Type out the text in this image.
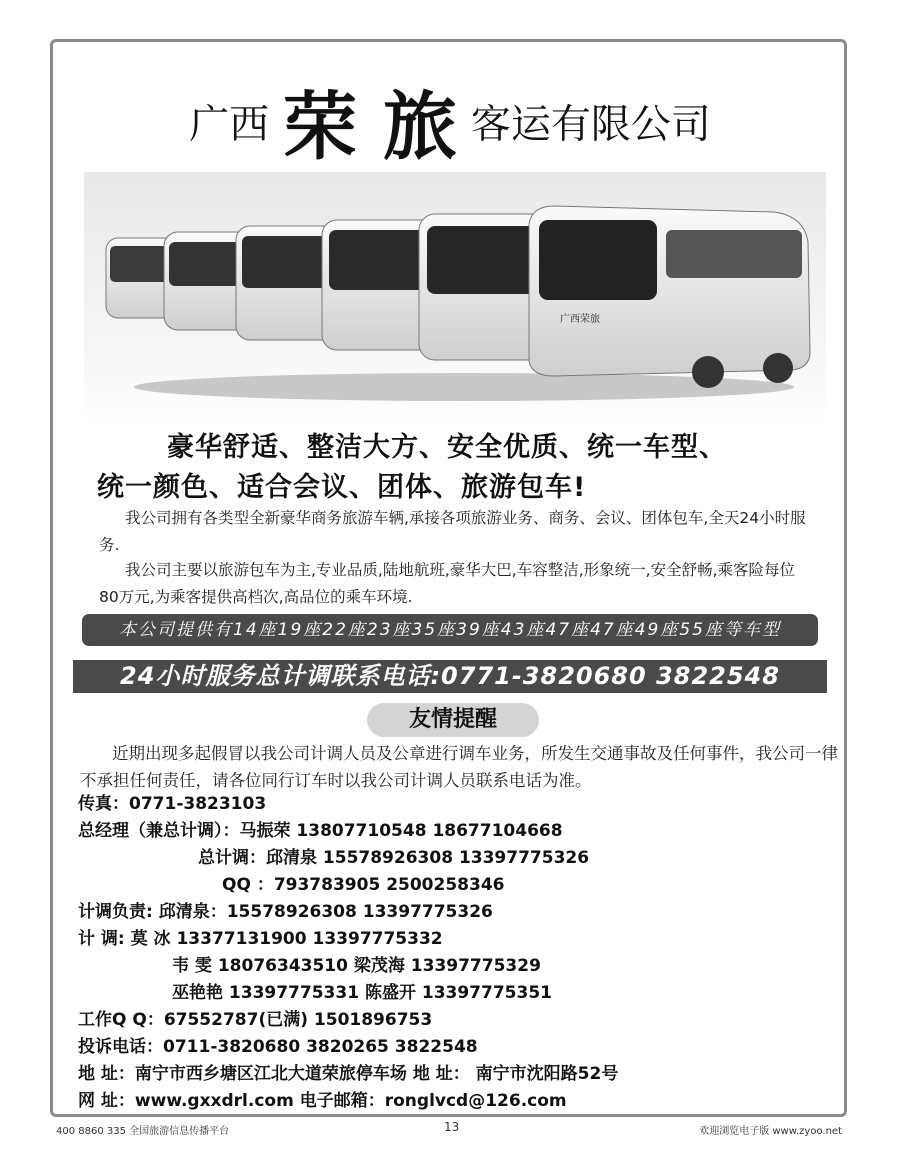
广西 荣 旅 客运有限公司
广西荣旅
豪华舒适、整洁大方、安全优质、统一车型、
统一颜色、适合会议、团体、旅游包车!
我公司拥有各类型全新豪华商务旅游车辆,承接各项旅游业务、商务、会议、团体包车,全天24小时服务.
我公司主要以旅游包车为主,专业品质,陆地航班,豪华大巴,车容整洁,形象统一,安全舒畅,乘客险每位80万元,为乘客提供高档次,高品位的乘车环境.
本公司提供有14座19座22座23座35座39座43座47座47座49座55座等车型
24小时服务总计调联系电话:0771-3820680 3822548
友情提醒
近期出现多起假冒以我公司计调人员及公章进行调车业务，所发生交通事故及任何事件，我公司一律不承担任何责任，请各位同行订车时以我公司计调人员联系电话为准。
传真：0771-3823103
总经理（兼总计调）：马振荣 13807710548 18677104668
总计调：邱清泉 15578926308 13397775326
QQ ：793783905 2500258346
计调负责: 邱清泉：15578926308 13397775326
计 调: 莫 冰 13377131900 13397775332
韦 雯 18076343510 梁茂海 13397775329
巫艳艳 13397775331 陈盛开 13397775351
工作Q Q：67552787(已满) 1501896753
投诉电话：0711-3820680 3820265 3822548
地 址：南宁市西乡塘区江北大道荣旅停车场 地 址： 南宁市沈阳路52号
网 址：www.gxxdrl.com 电子邮箱：ronglvcd@126.com
400 8860 335 全国旅游信息传播平台	13	欢迎浏览电子版 www.zyoo.net
